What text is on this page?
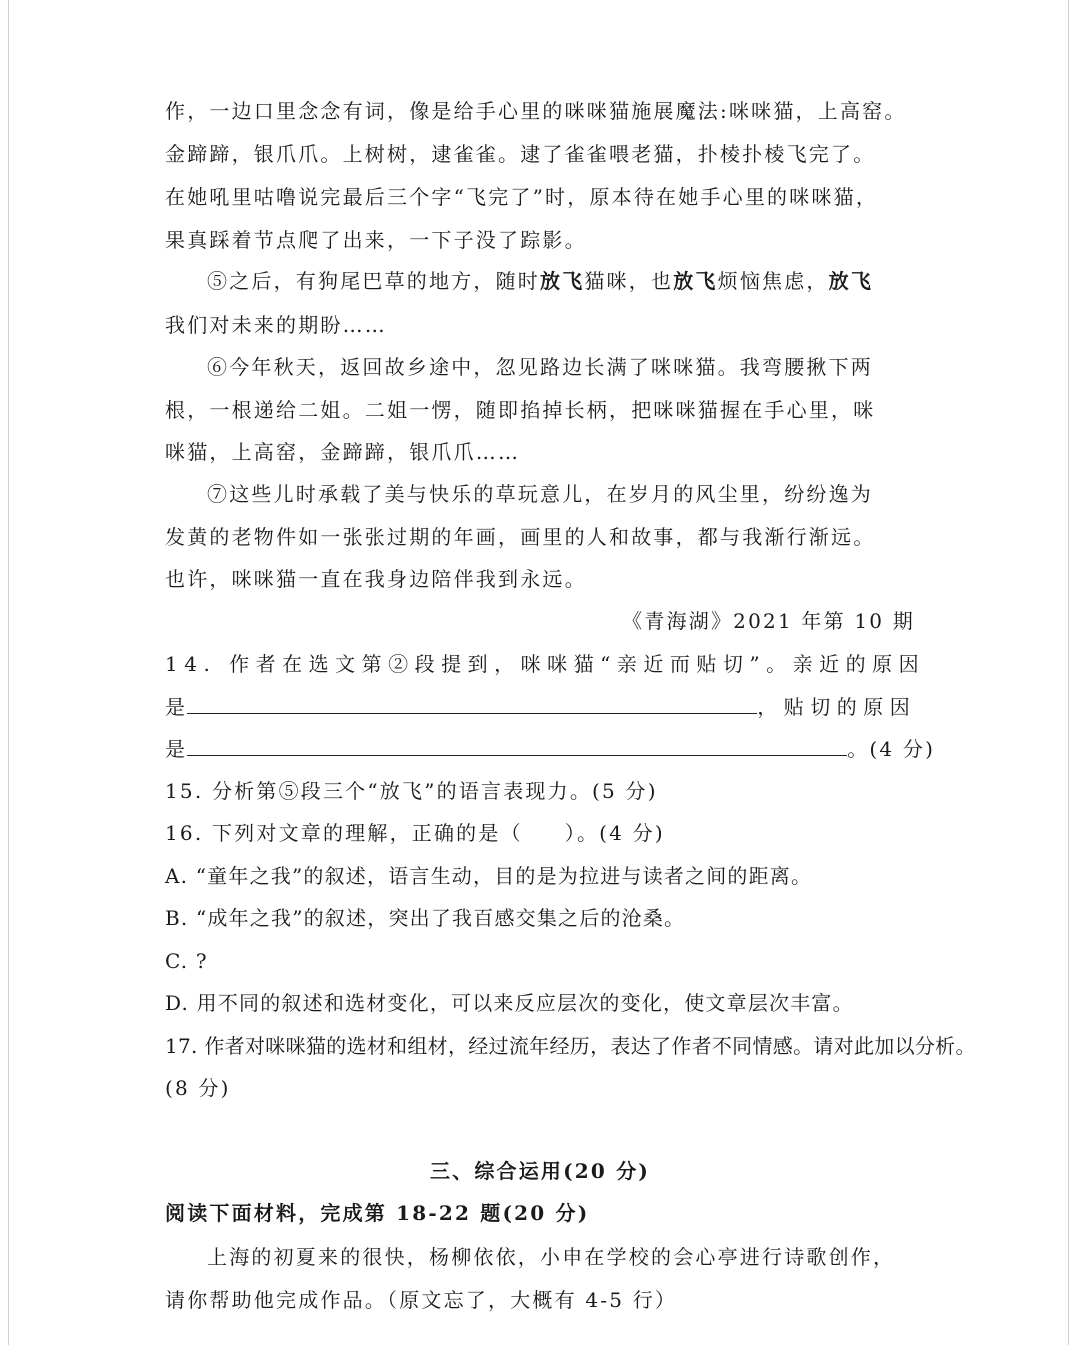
作，一边口里念念有词，像是给手心里的咪咪猫施展魔法:咪咪猫，上高窑。
金蹄蹄，银爪爪。上树树，逮雀雀。逮了雀雀喂老猫，扑棱扑棱飞完了。
在她吼里咕噜说完最后三个字“飞完了”时，原本待在她手心里的咪咪猫，
果真踩着节点爬了出来，一下子没了踪影。
⑤之后，有狗尾巴草的地方，随时放飞猫咪，也放飞烦恼焦虑，放飞
我们对未来的期盼……
⑥今年秋天，返回故乡途中，忽见路边长满了咪咪猫。我弯腰揪下两
根，一根递给二姐。二姐一愣，随即掐掉长柄，把咪咪猫握在手心里，咪
咪猫，上高窑，金蹄蹄，银爪爪……
⑦这些儿时承载了美与快乐的草玩意儿，在岁月的风尘里，纷纷逸为
发黄的老物件如一张张过期的年画，画里的人和故事，都与我渐行渐远。
也许，咪咪猫一直在我身边陪伴我到永远。
《青海湖》2021 年第 10 期
14. 作者在选文第②段提到，咪咪猫“亲近而贴切”。亲近的原因
是	，贴切的原因
是	。(4 分)
15. 分析第⑤段三个“放飞”的语言表现力。(5 分)
16. 下列对文章的理解，正确的是（ ）。(4 分)
A. “童年之我”的叙述，语言生动，目的是为拉进与读者之间的距离。
B. “成年之我”的叙述，突出了我百感交集之后的沧桑。
C. ?
D. 用不同的叙述和选材变化，可以来反应层次的变化，使文章层次丰富。
17. 作者对咪咪猫的选材和组材，经过流年经历，表达了作者不同情感。请对此加以分析。
(8 分)
三、综合运用(20 分)
阅读下面材料，完成第 18-22 题(20 分)
上海的初夏来的很快，杨柳依依，小申在学校的会心亭进行诗歌创作，
请你帮助他完成作品。（原文忘了，大概有 4-5 行）
